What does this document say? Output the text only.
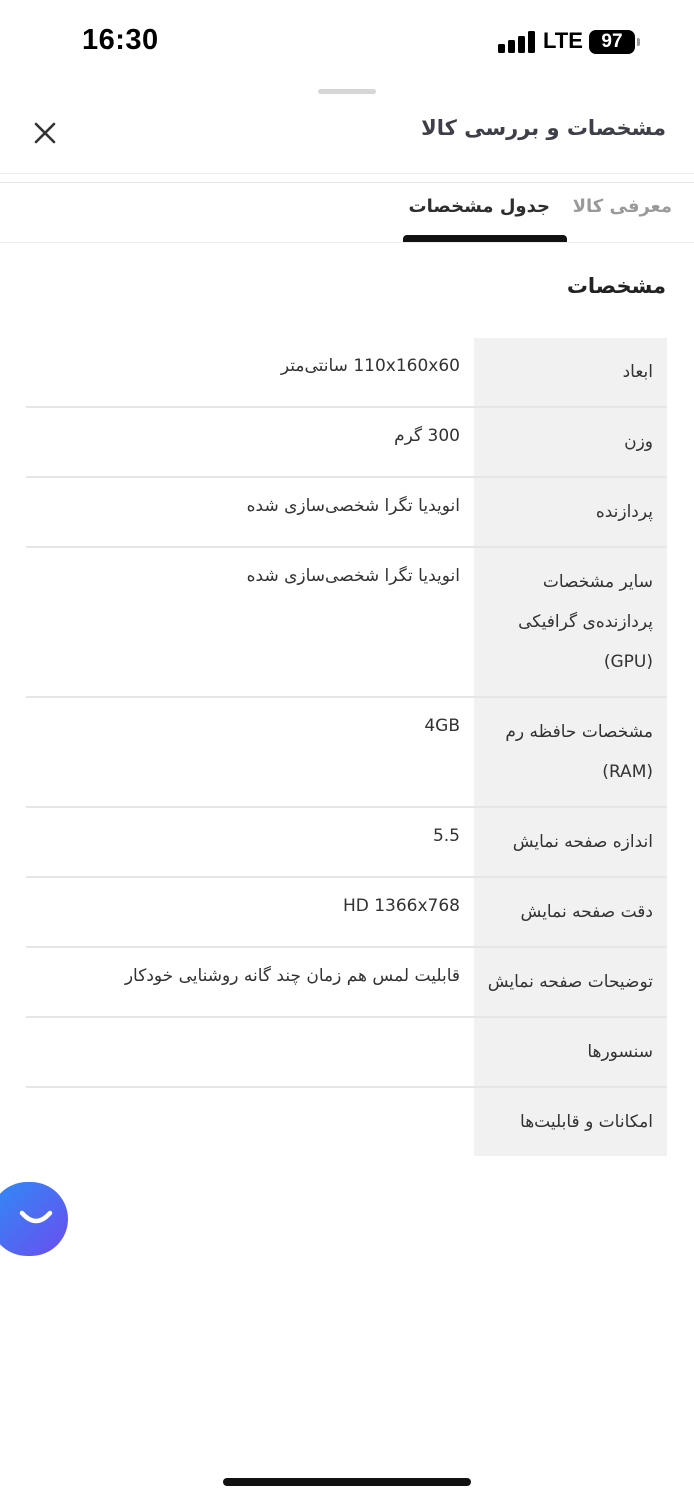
16:30	LTE 97
مشخصات و بررسی کالا
معرفی کالا
جدول مشخصات
مشخصات
ابعاد
110x160x60 سانتی‌متر
وزن
300 گرم
پردازنده
انویدیا تگرا شخصی‌سازی شده
سایر مشخصات پردازنده‌ی گرافیکی (GPU)
انویدیا تگرا شخصی‌سازی شده
مشخصات حافظه رم (RAM)
4GB
اندازه صفحه نمایش
5.5
دقت صفحه نمایش
HD 1366x768
توضیحات صفحه نمایش
قابلیت لمس هم زمان چند گانه روشنایی خودکار
سنسورها
امکانات و قابلیت‌ها
